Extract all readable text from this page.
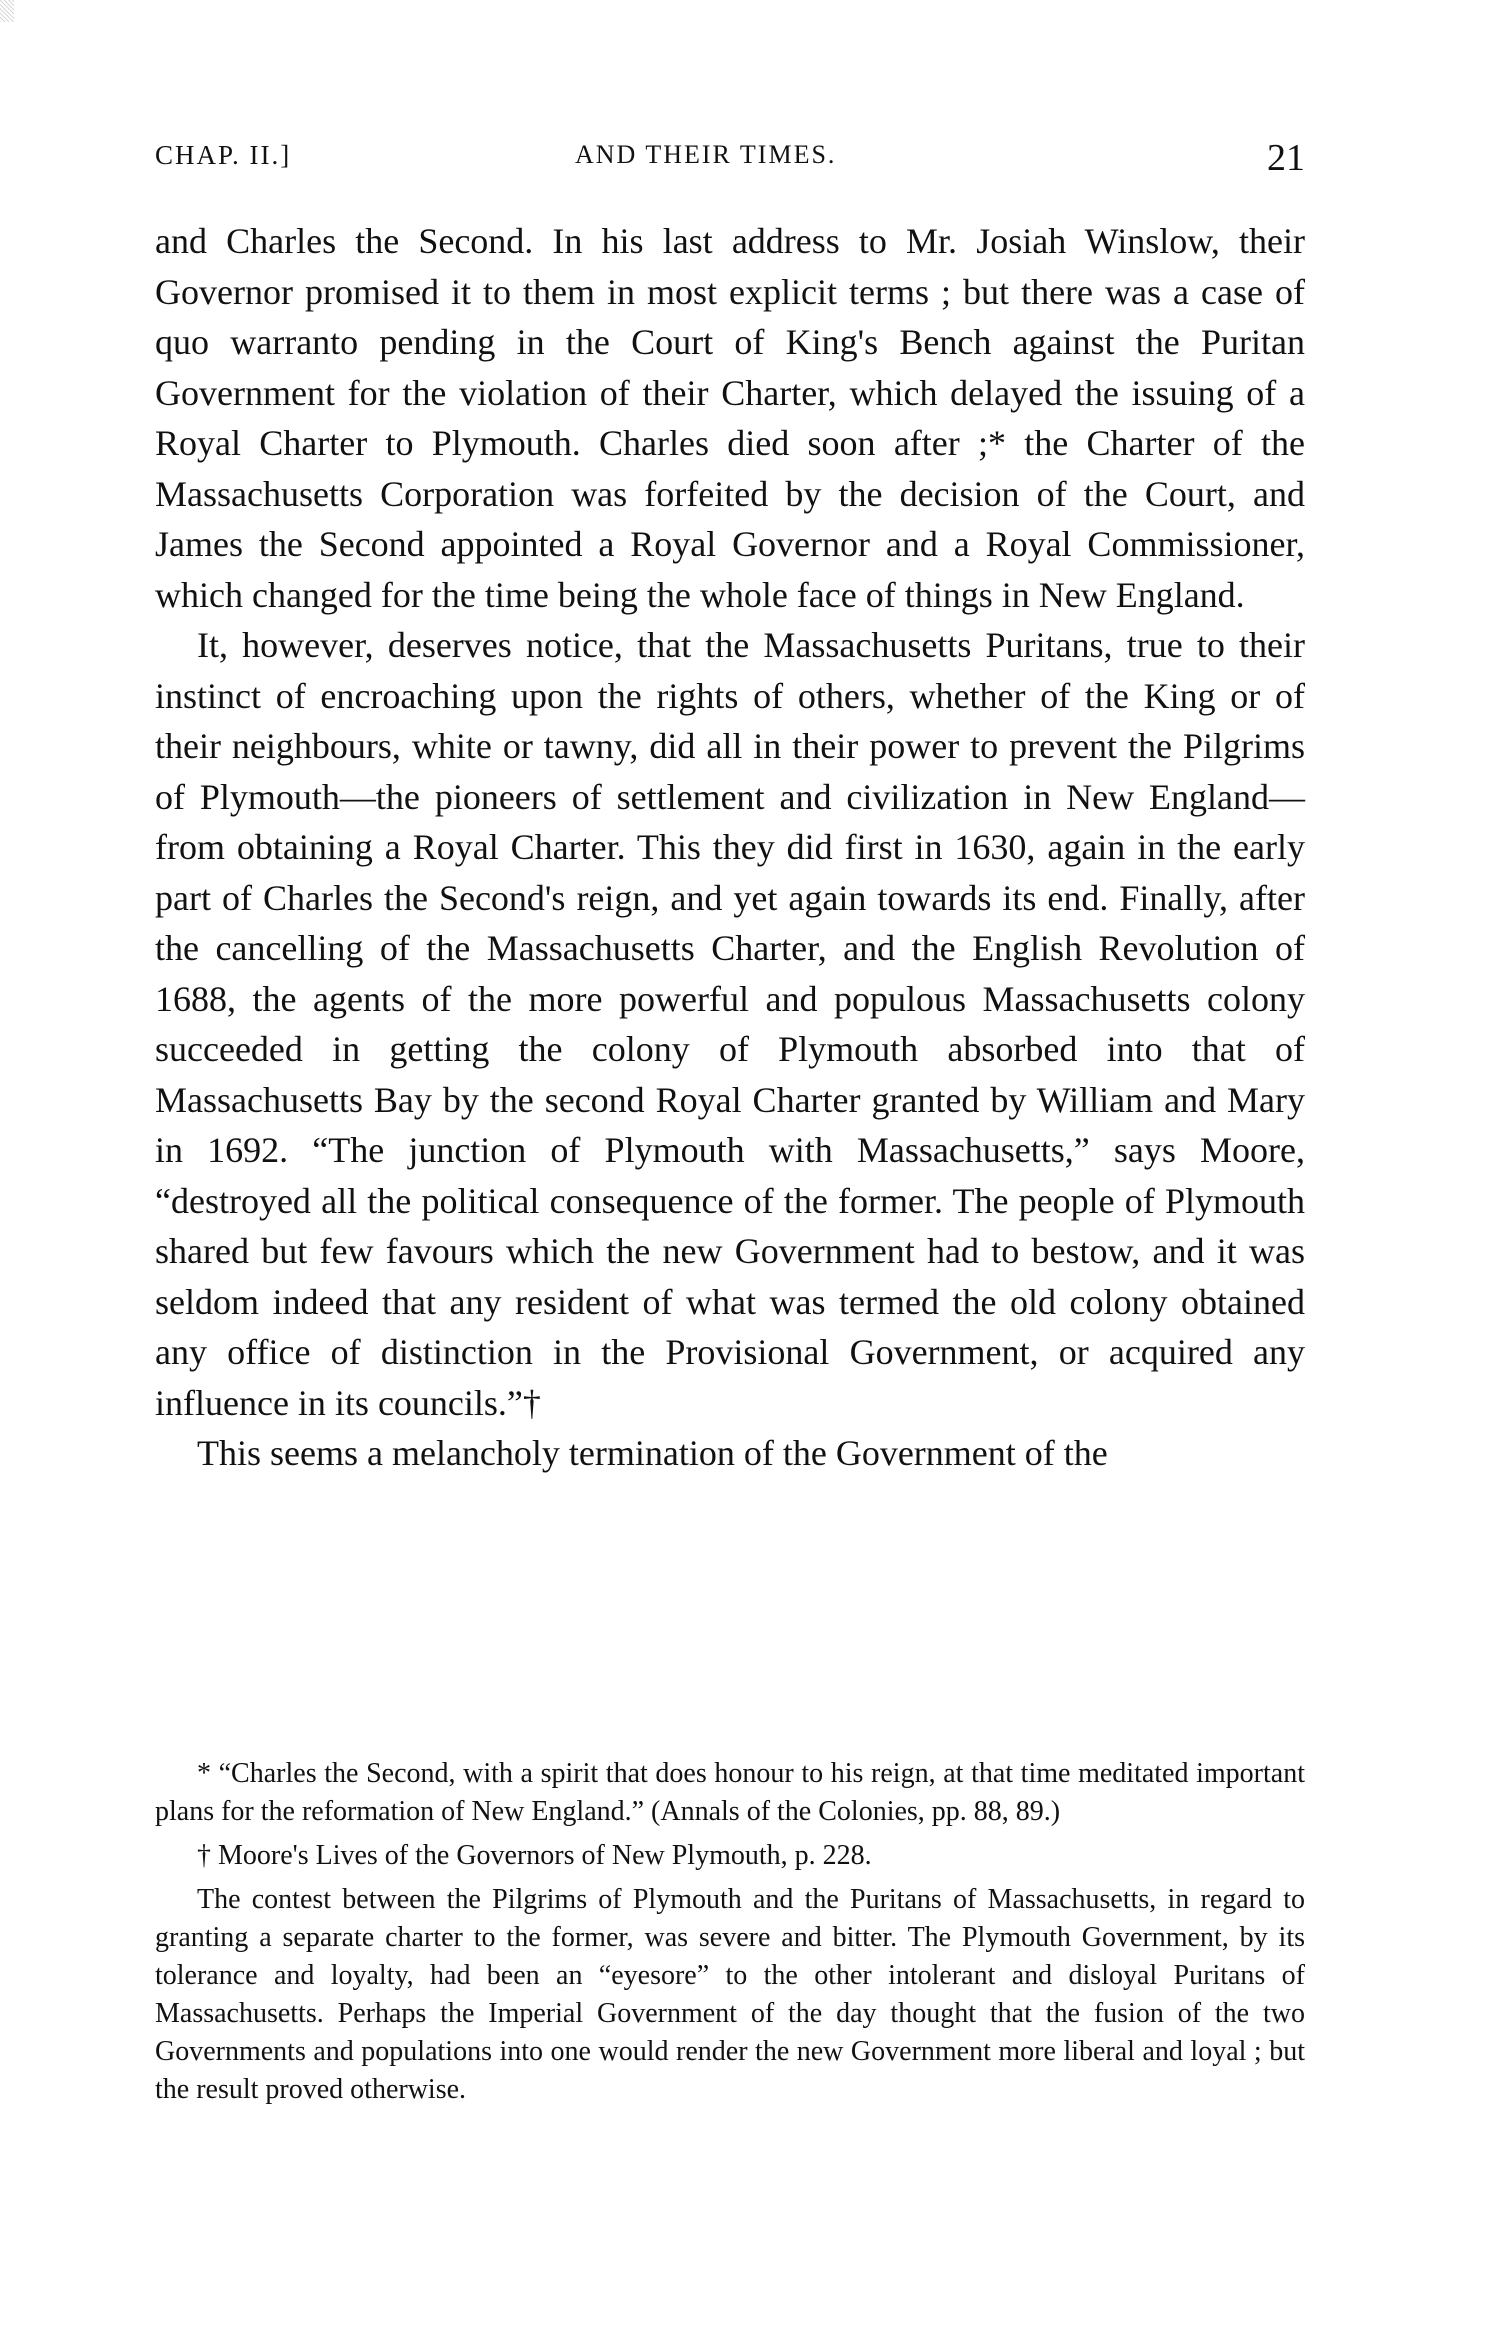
CHAP. II.]	AND THEIR TIMES.	21

and Charles the Second. In his last address to Mr. Josiah Winslow, their Governor promised it to them in most explicit terms ; but there was a case of quo warranto pending in the Court of King's Bench against the Puritan Government for the violation of their Charter, which delayed the issuing of a Royal Charter to Plymouth. Charles died soon after ;* the Charter of the Massachusetts Corporation was forfeited by the decision of the Court, and James the Second appointed a Royal Governor and a Royal Commissioner, which changed for the time being the whole face of things in New England.

It, however, deserves notice, that the Massachusetts Puritans, true to their instinct of encroaching upon the rights of others, whether of the King or of their neighbours, white or tawny, did all in their power to prevent the Pilgrims of Plymouth—the pioneers of settlement and civilization in New England—from obtaining a Royal Charter. This they did first in 1630, again in the early part of Charles the Second's reign, and yet again towards its end. Finally, after the cancelling of the Massachusetts Charter, and the English Revolution of 1688, the agents of the more powerful and populous Massachusetts colony succeeded in getting the colony of Plymouth absorbed into that of Massachusetts Bay by the second Royal Charter granted by William and Mary in 1692. “The junction of Plymouth with Massachusetts,” says Moore, “destroyed all the political consequence of the former. The people of Plymouth shared but few favours which the new Government had to bestow, and it was seldom indeed that any resident of what was termed the old colony obtained any office of distinction in the Provisional Government, or acquired any influence in its councils.”†

This seems a melancholy termination of the Government of the

* “Charles the Second, with a spirit that does honour to his reign, at that time meditated important plans for the reformation of New England.” (Annals of the Colonies, pp. 88, 89.)

† Moore's Lives of the Governors of New Plymouth, p. 228.

The contest between the Pilgrims of Plymouth and the Puritans of Massachusetts, in regard to granting a separate charter to the former, was severe and bitter. The Plymouth Government, by its tolerance and loyalty, had been an “eyesore” to the other intolerant and disloyal Puritans of Massachusetts. Perhaps the Imperial Government of the day thought that the fusion of the two Governments and populations into one would render the new Government more liberal and loyal ; but the result proved otherwise.
